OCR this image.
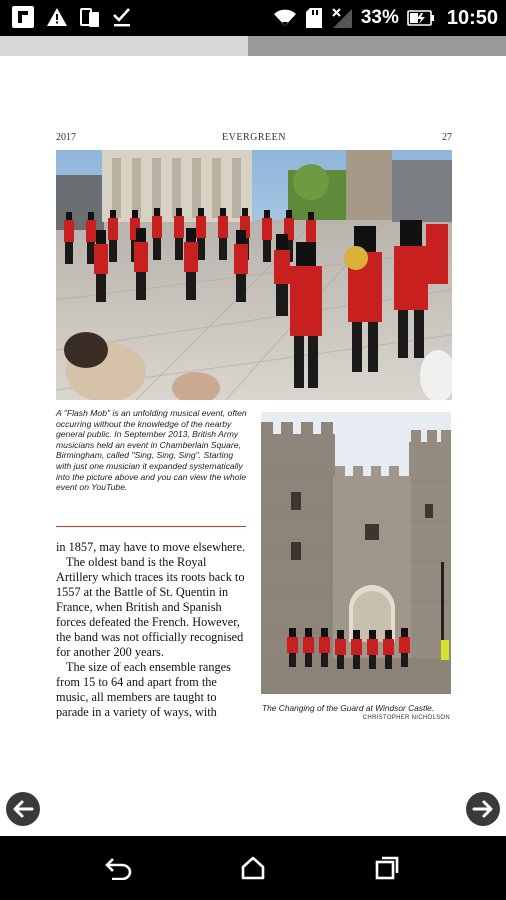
33% 10:50
EVERGREEN
2017	27
A "Flash Mob" is an unfolding musical event, often occurring without the knowledge of the nearby general public. In September 2013, British Army musicians held an event in Chamberlain Square, Birmingham, called "Sing, Sing, Sing". Starting with just one musician it expanded systematically into the picture above and you can view the whole event on YouTube.

in 1857, may have to move elsewhere.

The oldest band is the Royal Artillery which traces its roots back to 1557 at the Battle of St. Quentin in France, when British and Spanish forces defeated the French. However, the band was not officially recognised for another 200 years.

The size of each ensemble ranges from 15 to 64 and apart from the music, all members are taught to parade in a variety of ways, with	The Changing of the Guard at Windsor Castle.
CHRISTOPHER NICHOLSON
